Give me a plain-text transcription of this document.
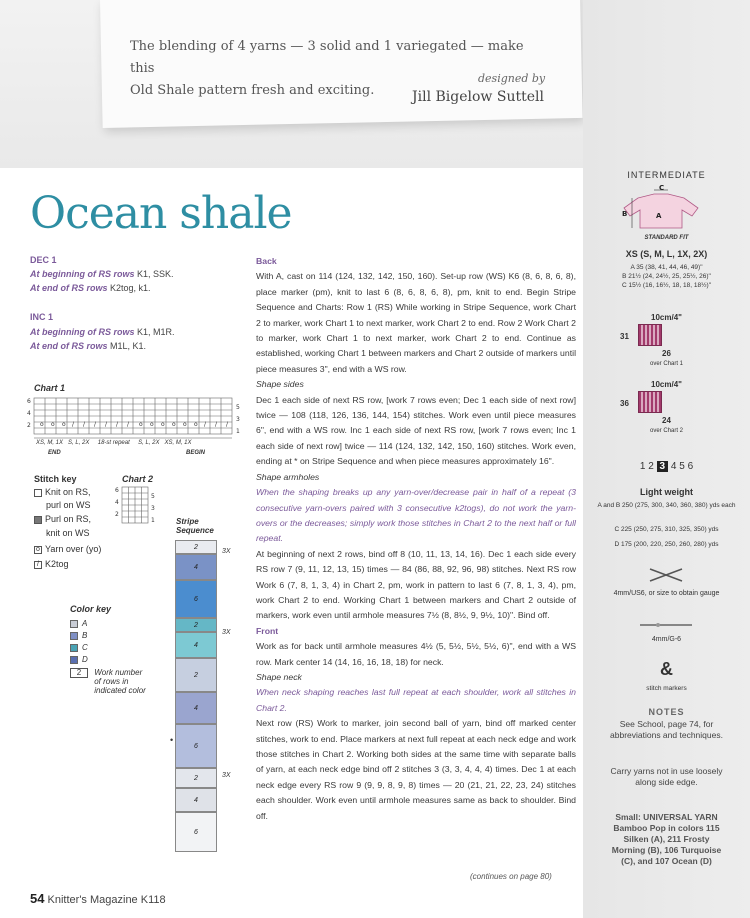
The blending of 4 yarns — 3 solid and 1 variegated — make this
Old Shale pattern fresh and exciting.
designed by
Jill Bigelow Suttell
Ocean shale
DEC 1
At beginning of RS rows K1, SSK.
At end of RS rows K2tog, k1.
INC 1
At beginning of RS rows K1, M1R.
At end of RS rows M1L, K1.
Chart 1
o o o / / / / / / o o o o o o / / /
6
4
2
5
3
1
XS, M, 1X S, L, 2X 18-st repeat S, L, 2X XS, M, 1X
END	BEGIN
Stitch key
Knit on RS,
purl on WS
Purl on RS,
knit on WS
o Yarn over (yo)
/ K2tog
Chart 2
6
4
2
5
3
1
Color key
A
B
C
D
2 Work number of rows in indicated color
Stripe Sequence
2
4
6
2
4
2
4
6
2
4
6
•
3X
3X
3X
Back
With A, cast on 114 (124, 132, 142, 150, 160). Set-up row (WS) K6 (8, 6, 8, 6, 8), place marker (pm), knit to last 6 (8, 6, 8, 6, 8), pm, knit to end. Begin Stripe Sequence and Charts: Row 1 (RS) While working in Stripe Sequence, work Chart 2 to marker, work Chart 1 to next marker, work Chart 2 to end. Row 2 Work Chart 2 to marker, work Chart 1 to next marker, work Chart 2 to end. Continue as established, working Chart 1 between markers and Chart 2 outside of markers until piece measures 3", end with a WS row.
Shape sides
Dec 1 each side of next RS row, [work 7 rows even; Dec 1 each side of next row] twice — 108 (118, 126, 136, 144, 154) stitches. Work even until piece measures 6", end with a WS row. Inc 1 each side of next RS row, [work 7 rows even; Inc 1 each side of next row] twice — 114 (124, 132, 142, 150, 160) stitches. Work even, ending at * on Stripe Sequence and when piece measures approximately 16".
Shape armholes
When the shaping breaks up any yarn-over/decrease pair in half of a repeat (3 consecutive yarn-overs paired with 3 consecutive k2togs), do not work the yarn-overs or the decreases; simply work those stitches in Chart 2 to the next half or full repeat.
At beginning of next 2 rows, bind off 8 (10, 11, 13, 14, 16). Dec 1 each side every RS row 7 (9, 11, 12, 13, 15) times — 84 (86, 88, 92, 96, 98) stitches. Next RS row Work 6 (7, 8, 1, 3, 4) in Chart 2, pm, work in pattern to last 6 (7, 8, 1, 3, 4), pm, work Chart 2 to end. Working Chart 1 between markers and Chart 2 outside of markers, work even until armhole measures 7½ (8, 8½, 9, 9½, 10)". Bind off.
Front
Work as for back until armhole measures 4½ (5, 5½, 5½, 5½, 6)", end with a WS row. Mark center 14 (14, 16, 16, 18, 18) for neck.
Shape neck
When neck shaping reaches last full repeat at each shoulder, work all stitches in Chart 2.
Next row (RS) Work to marker, join second ball of yarn, bind off marked center stitches, work to end. Place markers at next full repeat at each neck edge and work those stitches in Chart 2. Working both sides at the same time with separate balls of yarn, at each neck edge bind off 2 stitches 3 (3, 3, 4, 4, 4) times. Dec 1 at each neck edge every RS row 9 (9, 9, 8, 9, 8) times — 20 (21, 21, 22, 23, 24) stitches each shoulder. Work even until armhole measures same as back to shoulder. Bind off.
(continues on page 80)
54 Knitter's Magazine K118
INTERMEDIATE
B	A
C
STANDARD FIT
XS (S, M, L, 1X, 2X)
A 35 (38, 41, 44, 46, 49)"
B 21½ (24, 24½, 25, 25½, 26)"
C 15½ (16, 16½, 18, 18, 18½)"
10cm/4"
31
26
over Chart 1
10cm/4"
36
24
over Chart 2
1 2 3 4 5 6
Light weight
A and B 250 (275, 300, 340, 360, 380) yds each
C 225 (250, 275, 310, 325, 350) yds
D 175 (200, 220, 250, 260, 280) yds
4mm/US6, or size to obtain gauge
4mm/G-6
&
stitch markers
NOTES
See School, page 74, for abbreviations and techniques.
Carry yarns not in use loosely along side edge.
Small: UNIVERSAL YARN Bamboo Pop in colors 115 Silken (A), 211 Frosty Morning (B), 106 Turquoise (C), and 107 Ocean (D)
